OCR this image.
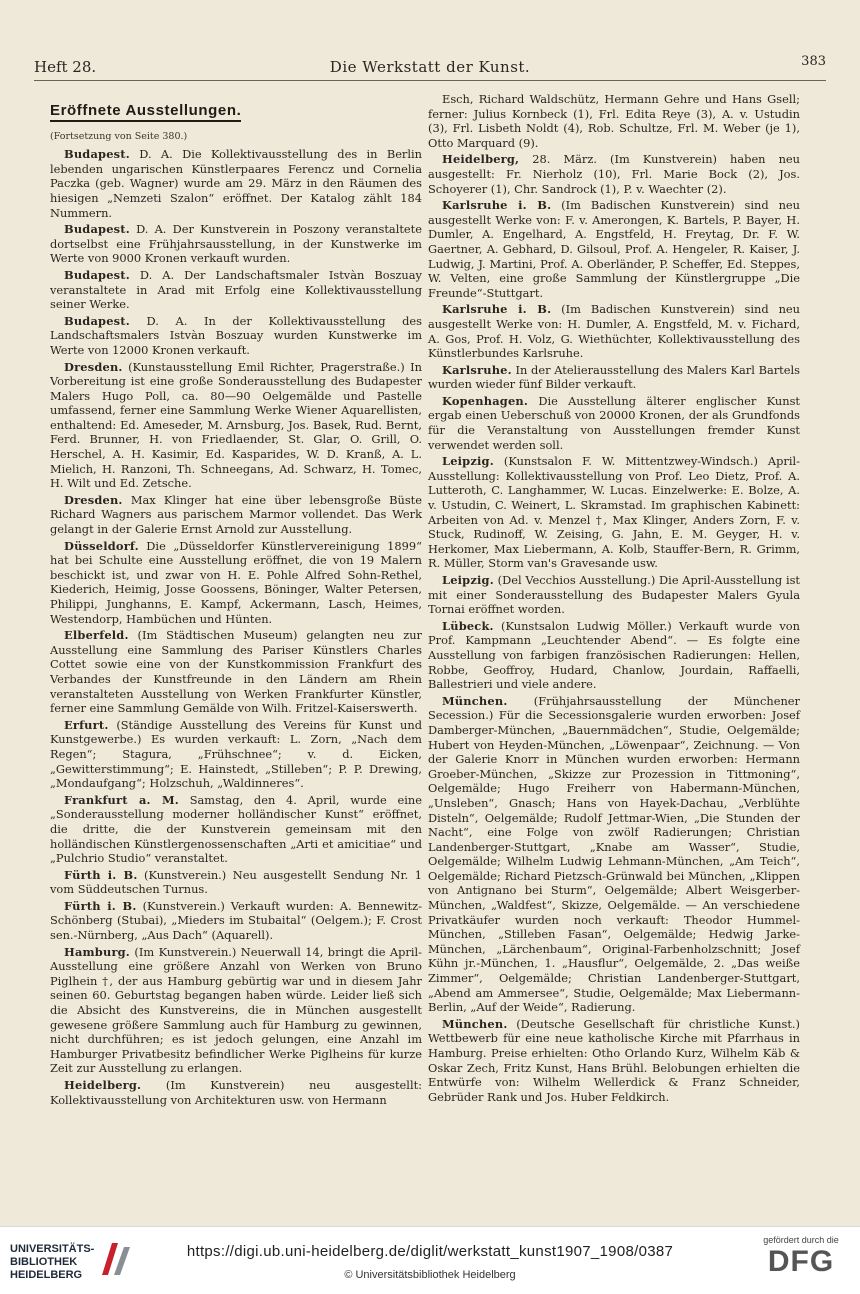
Heft 28.	Die Werkstatt der Kunst.	383
Eröffnete Ausstellungen.
(Fortsetzung von Seite 380.)

Budapest. D. A. Die Kollektivausstellung des in Berlin lebenden ungarischen Künstlerpaares Ferencz und Cornelia Paczka (geb. Wagner) wurde am 29. März in den Räumen des hiesigen „Nemzeti Szalon“ eröffnet. Der Katalog zählt 184 Nummern.

Budapest. D. A. Der Kunstverein in Poszony veranstaltete dortselbst eine Frühjahrsausstellung, in der Kunstwerke im Werte von 9000 Kronen verkauft wurden.

Budapest. D. A. Der Landschaftsmaler Istvàn Boszuay veranstaltete in Arad mit Erfolg eine Kollektivausstellung seiner Werke.

Budapest. D. A. In der Kollektivausstellung des Landschaftsmalers Istvàn Boszuay wurden Kunstwerke im Werte von 12000 Kronen verkauft.

Dresden. (Kunstausstellung Emil Richter, Pragerstraße.) In Vorbereitung ist eine große Sonderausstellung des Budapester Malers Hugo Poll, ca. 80—90 Oelgemälde und Pastelle umfassend, ferner eine Sammlung Werke Wiener Aquarellisten, enthaltend: Ed. Ameseder, M. Arnsburg, Jos. Basek, Rud. Bernt, Ferd. Brunner, H. von Friedlaender, St. Glar, O. Grill, O. Herschel, A. H. Kasimir, Ed. Kasparides, W. D. Kranß, A. L. Mielich, H. Ranzoni, Th. Schneegans, Ad. Schwarz, H. Tomec, H. Wilt und Ed. Zetsche.

Dresden. Max Klinger hat eine über lebensgroße Büste Richard Wagners aus parischem Marmor vollendet. Das Werk gelangt in der Galerie Ernst Arnold zur Ausstellung.

Düsseldorf. Die „Düsseldorfer Künstlervereinigung 1899“ hat bei Schulte eine Ausstellung eröffnet, die von 19 Malern beschickt ist, und zwar von H. E. Pohle Alfred Sohn-Rethel, Kiederich, Heimig, Josse Goossens, Böninger, Walter Petersen, Philippi, Junghanns, E. Kampf, Ackermann, Lasch, Heimes, Westendorp, Hambüchen und Hünten.

Elberfeld. (Im Städtischen Museum) gelangten neu zur Ausstellung eine Sammlung des Pariser Künstlers Charles Cottet sowie eine von der Kunstkommission Frankfurt des Verbandes der Kunstfreunde in den Ländern am Rhein veranstalteten Ausstellung von Werken Frankfurter Künstler, ferner eine Sammlung Gemälde von Wilh. Fritzel-Kaiserswerth.

Erfurt. (Ständige Ausstellung des Vereins für Kunst und Kunstgewerbe.) Es wurden verkauft: L. Zorn, „Nach dem Regen“; Stagura, „Frühschnee“; v. d. Eicken, „Gewitterstimmung“; E. Hainstedt, „Stilleben“; P. P. Drewing, „Mondaufgang“; Holzschuh, „Waldinneres“.

Frankfurt a. M. Samstag, den 4. April, wurde eine „Sonderausstellung moderner holländischer Kunst“ eröffnet, die dritte, die der Kunstverein gemeinsam mit den holländischen Künstlergenossenschaften „Arti et amicitiae“ und „Pulchrio Studio“ veranstaltet.

Fürth i. B. (Kunstverein.) Neu ausgestellt Sendung Nr. 1 vom Süddeutschen Turnus.

Fürth i. B. (Kunstverein.) Verkauft wurden: A. Bennewitz-Schönberg (Stubai), „Mieders im Stubaital“ (Oelgem.); F. Crost sen.-Nürnberg, „Aus Dach“ (Aquarell).

Hamburg. (Im Kunstverein.) Neuerwall 14, bringt die April-Ausstellung eine größere Anzahl von Werken von Bruno Piglhein †, der aus Hamburg gebürtig war und in diesem Jahr seinen 60. Geburtstag begangen haben würde. Leider ließ sich die Absicht des Kunstvereins, die in München ausgestellt gewesene größere Sammlung auch für Hamburg zu gewinnen, nicht durchführen; es ist jedoch gelungen, eine Anzahl im Hamburger Privatbesitz befindlicher Werke Piglheins für kurze Zeit zur Ausstellung zu erlangen.

Heidelberg. (Im Kunstverein) neu ausgestellt: Kollektivausstellung von Architekturen usw. von Hermann

Esch, Richard Waldschütz, Hermann Gehre und Hans Gsell; ferner: Julius Kornbeck (1), Frl. Edita Reye (3), A. v. Ustudin (3), Frl. Lisbeth Noldt (4), Rob. Schultze, Frl. M. Weber (je 1), Otto Marquard (9).

Heidelberg, 28. März. (Im Kunstverein) haben neu ausgestellt: Fr. Nierholz (10), Frl. Marie Bock (2), Jos. Schoyerer (1), Chr. Sandrock (1), P. v. Waechter (2).

Karlsruhe i. B. (Im Badischen Kunstverein) sind neu ausgestellt Werke von: F. v. Amerongen, K. Bartels, P. Bayer, H. Dumler, A. Engelhard, A. Engstfeld, H. Freytag, Dr. F. W. Gaertner, A. Gebhard, D. Gilsoul, Prof. A. Hengeler, R. Kaiser, J. Ludwig, J. Martini, Prof. A. Oberländer, P. Scheffer, Ed. Steppes, W. Velten, eine große Sammlung der Künstlergruppe „Die Freunde“-Stuttgart.

Karlsruhe i. B. (Im Badischen Kunstverein) sind neu ausgestellt Werke von: H. Dumler, A. Engstfeld, M. v. Fichard, A. Gos, Prof. H. Volz, G. Wiethüchter, Kollektivausstellung des Künstlerbundes Karlsruhe.

Karlsruhe. In der Atelierausstellung des Malers Karl Bartels wurden wieder fünf Bilder verkauft.

Kopenhagen. Die Ausstellung älterer englischer Kunst ergab einen Ueberschuß von 20000 Kronen, der als Grundfonds für die Veranstaltung von Ausstellungen fremder Kunst verwendet werden soll.

Leipzig. (Kunstsalon F. W. Mittentzwey-Windsch.) April-Ausstellung: Kollektivausstellung von Prof. Leo Dietz, Prof. A. Lutteroth, C. Langhammer, W. Lucas. Einzelwerke: E. Bolze, A. v. Ustudin, C. Weinert, L. Skramstad. Im graphischen Kabinett: Arbeiten von Ad. v. Menzel †, Max Klinger, Anders Zorn, F. v. Stuck, Rudinoff, W. Zeising, G. Jahn, E. M. Geyger, H. v. Herkomer, Max Liebermann, A. Kolb, Stauffer-Bern, R. Grimm, R. Müller, Storm van's Gravesande usw.

Leipzig. (Del Vecchios Ausstellung.) Die April-Ausstellung ist mit einer Sonderausstellung des Budapester Malers Gyula Tornai eröffnet worden.

Lübeck. (Kunstsalon Ludwig Möller.) Verkauft wurde von Prof. Kampmann „Leuchtender Abend“. — Es folgte eine Ausstellung von farbigen französischen Radierungen: Hellen, Robbe, Geoffroy, Hudard, Chanlow, Jourdain, Raffaelli, Ballestrieri und viele andere.

München. (Frühjahrsausstellung der Münchener Secession.) Für die Secessionsgalerie wurden erworben: Josef Damberger-München, „Bauernmädchen“, Studie, Oelgemälde; Hubert von Heyden-München, „Löwenpaar“, Zeichnung. — Von der Galerie Knorr in München wurden erworben: Hermann Groeber-München, „Skizze zur Prozession in Tittmoning“, Oelgemälde; Hugo Freiherr von Habermann-München, „Unsleben“, Gnasch; Hans von Hayek-Dachau, „Verblühte Disteln“, Oelgemälde; Rudolf Jettmar-Wien, „Die Stunden der Nacht“, eine Folge von zwölf Radierungen; Christian Landenberger-Stuttgart, „Knabe am Wasser“, Studie, Oelgemälde; Wilhelm Ludwig Lehmann-München, „Am Teich“, Oelgemälde; Richard Pietzsch-Grünwald bei München, „Klippen von Antignano bei Sturm“, Oelgemälde; Albert Weisgerber-München, „Waldfest“, Skizze, Oelgemälde. — An verschiedene Privatkäufer wurden noch verkauft: Theodor Hummel-München, „Stilleben Fasan“, Oelgemälde; Hedwig Jarke-München, „Lärchenbaum“, Original-Farbenholzschnitt; Josef Kühn jr.-München, 1. „Hausflur“, Oelgemälde, 2. „Das weiße Zimmer“, Oelgemälde; Christian Landenberger-Stuttgart, „Abend am Ammersee“, Studie, Oelgemälde; Max Liebermann-Berlin, „Auf der Weide“, Radierung.

München. (Deutsche Gesellschaft für christliche Kunst.) Wettbewerb für eine neue katholische Kirche mit Pfarrhaus in Hamburg. Preise erhielten: Otho Orlando Kurz, Wilhelm Käb & Oskar Zech, Fritz Kunst, Hans Brühl. Belobungen erhielten die Entwürfe von: Wilhelm Wellerdick & Franz Schneider, Gebrüder Rank und Jos. Huber Feldkirch.

UNIVERSITÄTS-
BIBLIOTHEK
HEIDELBERG
https://digi.ub.uni-heidelberg.de/diglit/werkstatt_kunst1907_1908/0387
© Universitätsbibliothek Heidelberg
gefördert durch die
DFG
